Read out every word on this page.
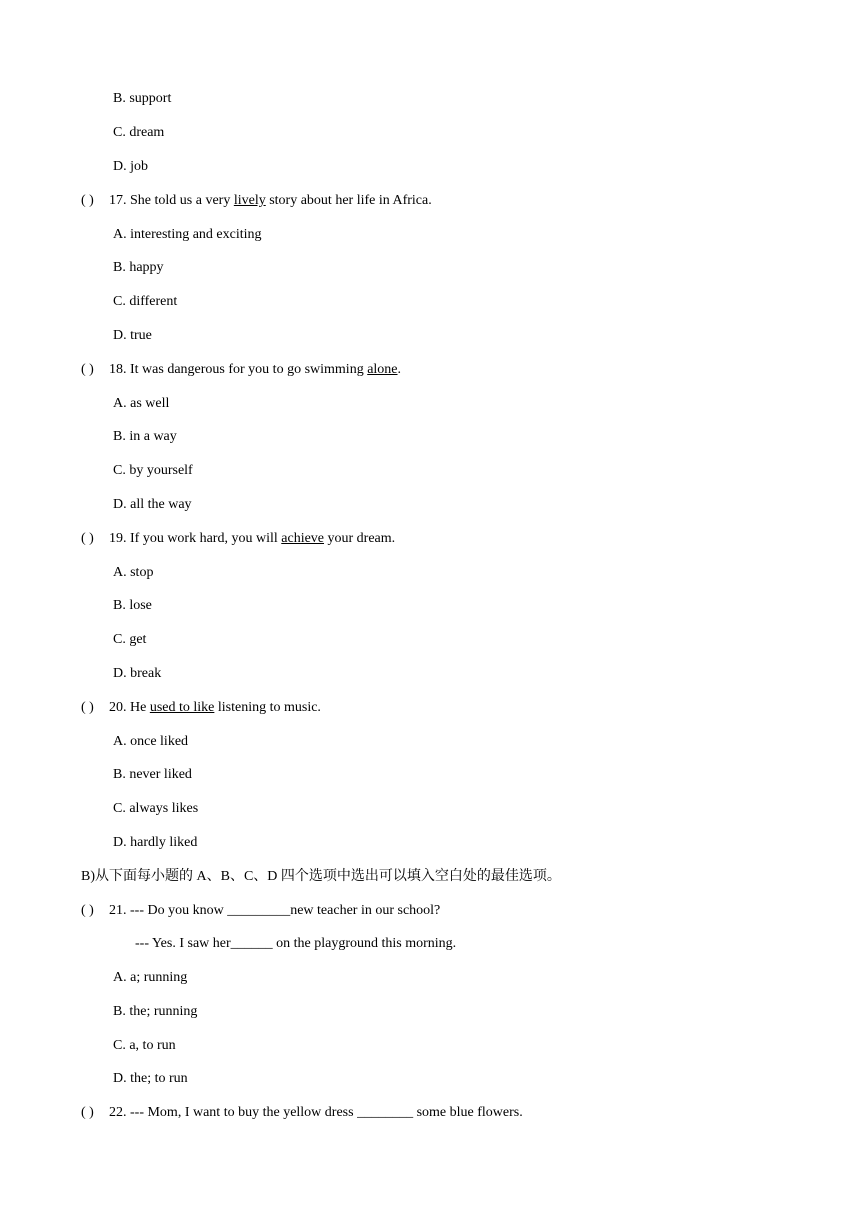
B. support
C. dream
D. job
( ) 17. She told us a very lively story about her life in Africa.
A. interesting and exciting
B. happy
C. different
D. true
( ) 18. It was dangerous for you to go swimming alone.
A. as well
B. in a way
C. by yourself
D. all the way
( ) 19. If you work hard, you will achieve your dream.
A. stop
B. lose
C. get
D. break
( ) 20. He used to like listening to music.
A. once liked
B. never liked
C. always likes
D. hardly liked
B)从下面每小题的 A、B、C、D 四个选项中选出可以填入空白处的最佳选项。
( ) 21. --- Do you know _________new teacher in our school?
--- Yes. I saw her______ on the playground this morning.
A. a; running
B. the; running
C. a, to run
D. the; to run
( ) 22. --- Mom, I want to buy the yellow dress ________ some blue flowers.
